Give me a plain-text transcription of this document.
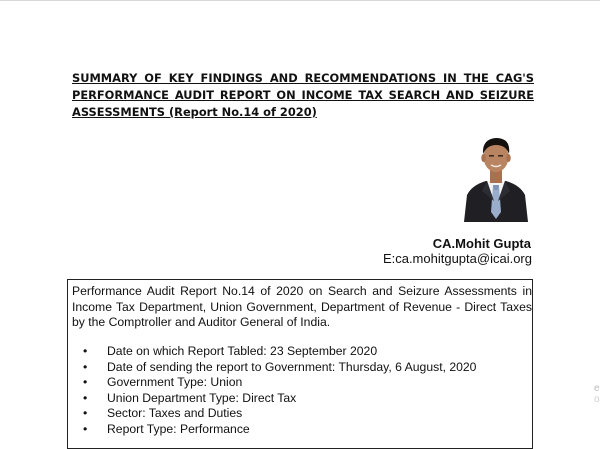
SUMMARY OF KEY FINDINGS AND RECOMMENDATIONS IN THE CAG'S PERFORMANCE AUDIT REPORT ON INCOME TAX SEARCH AND SEIZURE ASSESSMENTS (Report No.14 of 2020)
CA.Mohit Gupta
E:ca.mohitgupta@icai.org
Performance Audit Report No.14 of 2020 on Search and Seizure Assessments in Income Tax Department, Union Government, Department of Revenue - Direct Taxes by the Comptroller and Auditor General of India.
• Date on which Report Tabled: 23 September 2020
• Date of sending the report to Government: Thursday, 6 August, 2020
• Government Type: Union
• Union Department Type: Direct Tax
• Sector: Taxes and Duties
• Report Type: Performance
e
o
